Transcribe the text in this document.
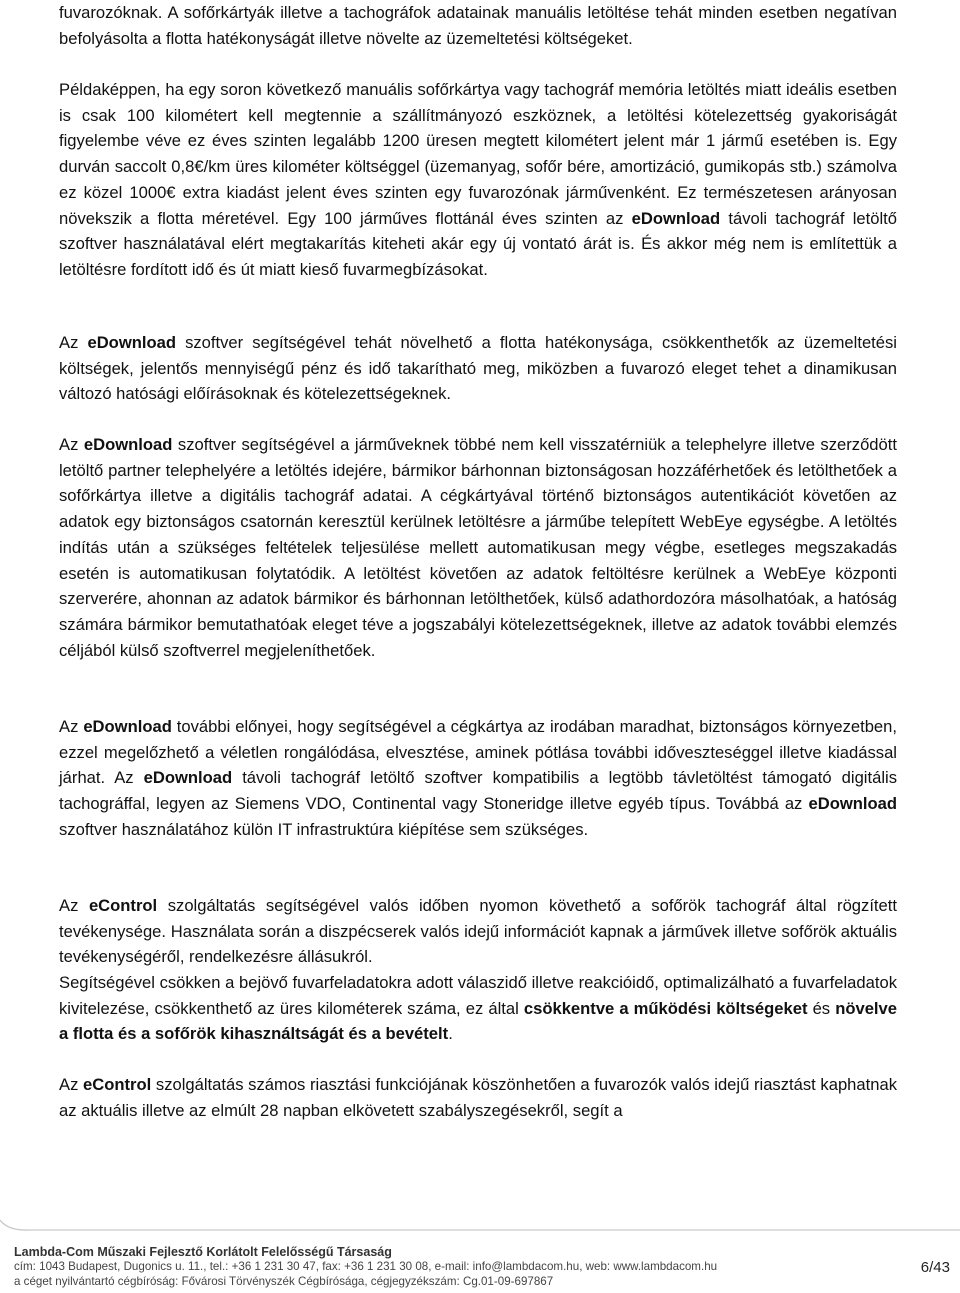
fuvarozóknak. A sofőrkártyák illetve a tachográfok adatainak manuális letöltése tehát minden esetben negatívan befolyásolta a flotta hatékonyságát illetve növelte az üzemeltetési költségeket.

Példaképpen, ha egy soron következő manuális sofőrkártya vagy tachográf memória letöltés miatt ideális esetben is csak 100 kilométert kell megtennie a szállítmányozó eszköznek, a letöltési kötelezettség gyakoriságát figyelembe véve ez éves szinten legalább 1200 üresen megtett kilométert jelent már 1 jármű esetében is. Egy durván saccolt 0,8€/km üres kilométer költséggel (üzemanyag, sofőr bére, amortizáció, gumikopás stb.) számolva ez közel 1000€ extra kiadást jelent éves szinten egy fuvarozónak járművenként. Ez természetesen arányosan növekszik a flotta méretével. Egy 100 járműves flottánál éves szinten az eDownload távoli tachográf letöltő szoftver használatával elért megtakarítás kiteheti akár egy új vontató árát is. És akkor még nem is említettük a letöltésre fordított idő és út miatt kieső fuvarmegbízásokat.

Az eDownload szoftver segítségével tehát növelhető a flotta hatékonysága, csökkenthetők az üzemeltetési költségek, jelentős mennyiségű pénz és idő takarítható meg, miközben a fuvarozó eleget tehet a dinamikusan változó hatósági előírásoknak és kötelezettségeknek.

Az eDownload szoftver segítségével a járműveknek többé nem kell visszatérniük a telephelyre illetve szerződött letöltő partner telephelyére a letöltés idejére, bármikor bárhonnan biztonságosan hozzáférhetőek és letölthetőek a sofőrkártya illetve a digitális tachográf adatai. A cégkártyával történő biztonságos autentikációt követően az adatok egy biztonságos csatornán keresztül kerülnek letöltésre a járműbe telepített WebEye egységbe. A letöltés indítás után a szükséges feltételek teljesülése mellett automatikusan megy végbe, esetleges megszakadás esetén is automatikusan folytatódik. A letöltést követően az adatok feltöltésre kerülnek a WebEye központi szerverére, ahonnan az adatok bármikor és bárhonnan letölthetőek, külső adathordozóra másolhatóak, a hatóság számára bármikor bemutathatóak eleget téve a jogszabályi kötelezettségeknek, illetve az adatok további elemzés céljából külső szoftverrel megjeleníthetőek.

Az eDownload további előnyei, hogy segítségével a cégkártya az irodában maradhat, biztonságos környezetben, ezzel megelőzhető a véletlen rongálódása, elvesztése, aminek pótlása további időveszteséggel illetve kiadással járhat. Az eDownload távoli tachográf letöltő szoftver kompatibilis a legtöbb távletöltést támogató digitális tachográffal, legyen az Siemens VDO, Continental vagy Stoneridge illetve egyéb típus. Továbbá az eDownload szoftver használatához külön IT infrastruktúra kiépítése sem szükséges.

Az eControl szolgáltatás segítségével valós időben nyomon követhető a sofőrök tachográf által rögzített tevékenysége. Használata során a diszpécserek valós idejű információt kapnak a járművek illetve sofőrök aktuális tevékenységéről, rendelkezésre állásukról.

Segítségével csökken a bejövő fuvarfeladatokra adott válaszidő illetve reakcióidő, optimalizálható a fuvarfeladatok kivitelezése, csökkenthető az üres kilométerek száma, ez által csökkentve a működési költségeket és növelve a flotta és a sofőrök kihasználtságát és a bevételt.

Az eControl szolgáltatás számos riasztási funkciójának köszönhetően a fuvarozók valós idejű riasztást kaphatnak az aktuális illetve az elmúlt 28 napban elkövetett szabályszegésekről, segít a

Lambda-Com Műszaki Fejlesztő Korlátolt Felelősségű Társaság
cím: 1043 Budapest, Dugonics u. 11., tel.: +36 1 231 30 47, fax: +36 1 231 30 08, e-mail: info@lambdacom.hu, web: www.lambdacom.hu
a céget nyilvántartó cégbíróság: Fővárosi Törvényszék Cégbírósága, cégjegyzékszám: Cg.01-09-697867
6/43
